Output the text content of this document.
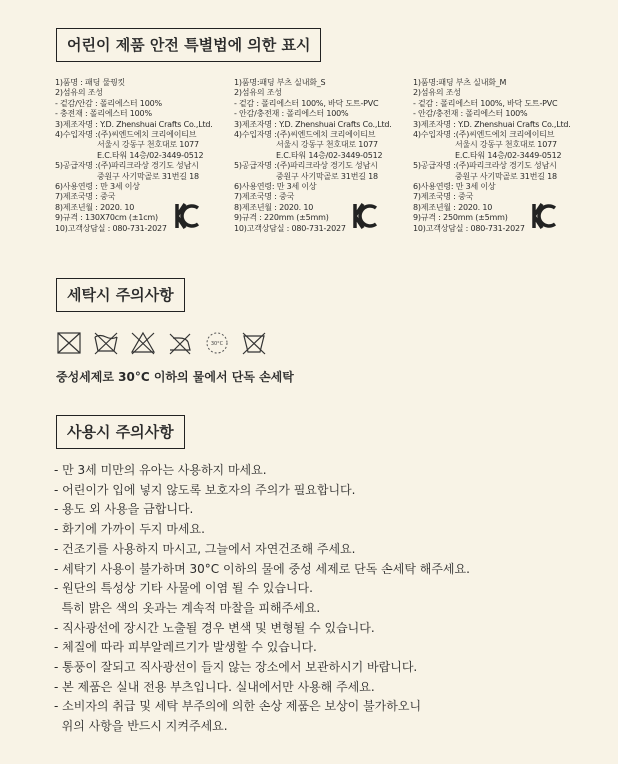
어린이 제품 안전 특별법에 의한 표시
1)품명 : 패딩 물꿩킷
2)섬유의 조성
- 겉감/안감 : 폴리에스터 100%
- 충전재 : 폴리에스터 100%
3)제조자명 : Y.D. Zhenshuai Crafts Co.,Ltd.
4)수입자명 :(주)씨엔드에치 크리에이티브
서울시 강동구 천호대로 1077
E.C.타워 14층/02-3449-0512
5)공급자명 :(주)파리크라상 경기도 성남시
중원구 사기막골로 31번길 18
6)사용연령 : 만 3세 이상
7)제조국명 : 중국
8)제조년월 : 2020. 10
9)규격 : 130X70cm (±1cm)
10)고객상담실 : 080-731-2027
1)품명:패딩 부츠 실내화_S
2)섬유의 조성
- 겉감 : 폴리에스터 100%, 바닥 도트-PVC
- 안감/충전재 : 폴리에스터 100%
3)제조자명 : Y.D. Zhenshuai Crafts Co.,Ltd.
4)수입자명 :(주)씨엔드에치 크리에이티브
서울시 강동구 천호대로 1077
E.C.타워 14층/02-3449-0512
5)공급자명 :(주)파리크라상 경기도 성남시
중원구 사기막골로 31번길 18
6)사용연령: 만 3세 이상
7)제조국명 : 중국
8)제조년월 : 2020. 10
9)규격 : 220mm (±5mm)
10)고객상담실 : 080-731-2027
1)품명:패딩 부츠 실내화_M
2)섬유의 조성
- 겉감 : 폴리에스터 100%, 바닥 도트-PVC
- 안감/충전재 : 폴리에스터 100%
3)제조자명 : Y.D. Zhenshuai Crafts Co.,Ltd.
4)수입자명 :(주)씨엔드에치 크리에이티브
서울시 강동구 천호대로 1077
E.C.타워 14층/02-3449-0512
5)공급자명 :(주)파리크라상 경기도 성남시
중원구 사기막골로 31번길 18
6)사용연령: 만 3세 이상
7)제조국명 : 중국
8)제조년월 : 2020. 10
9)규격 : 250mm (±5mm)
10)고객상담실 : 080-731-2027
세탁시 주의사항
30°C
중성세제로 30°C 이하의 물에서 단독 손세탁
사용시 주의사항
- 만 3세 미만의 유아는 사용하지 마세요.
- 어린이가 입에 넣지 않도록 보호자의 주의가 필요합니다.
- 용도 외 사용을 금합니다.
- 화기에 가까이 두지 마세요.
- 건조기를 사용하지 마시고, 그늘에서 자연건조해 주세요.
- 세탁기 사용이 불가하며 30°C 이하의 물에 중성 세제로 단독 손세탁 해주세요.
- 원단의 특성상 기타 사물에 이염 될 수 있습니다.
특히 밝은 색의 옷과는 계속적 마찰을 피해주세요.
- 직사광선에 장시간 노출될 경우 변색 및 변형될 수 있습니다.
- 체질에 따라 피부알레르기가 발생할 수 있습니다.
- 통풍이 잘되고 직사광선이 들지 않는 장소에서 보관하시기 바랍니다.
- 본 제품은 실내 전용 부츠입니다. 실내에서만 사용해 주세요.
- 소비자의 취급 및 세탁 부주의에 의한 손상 제품은 보상이 불가하오니
위의 사항을 반드시 지켜주세요.
